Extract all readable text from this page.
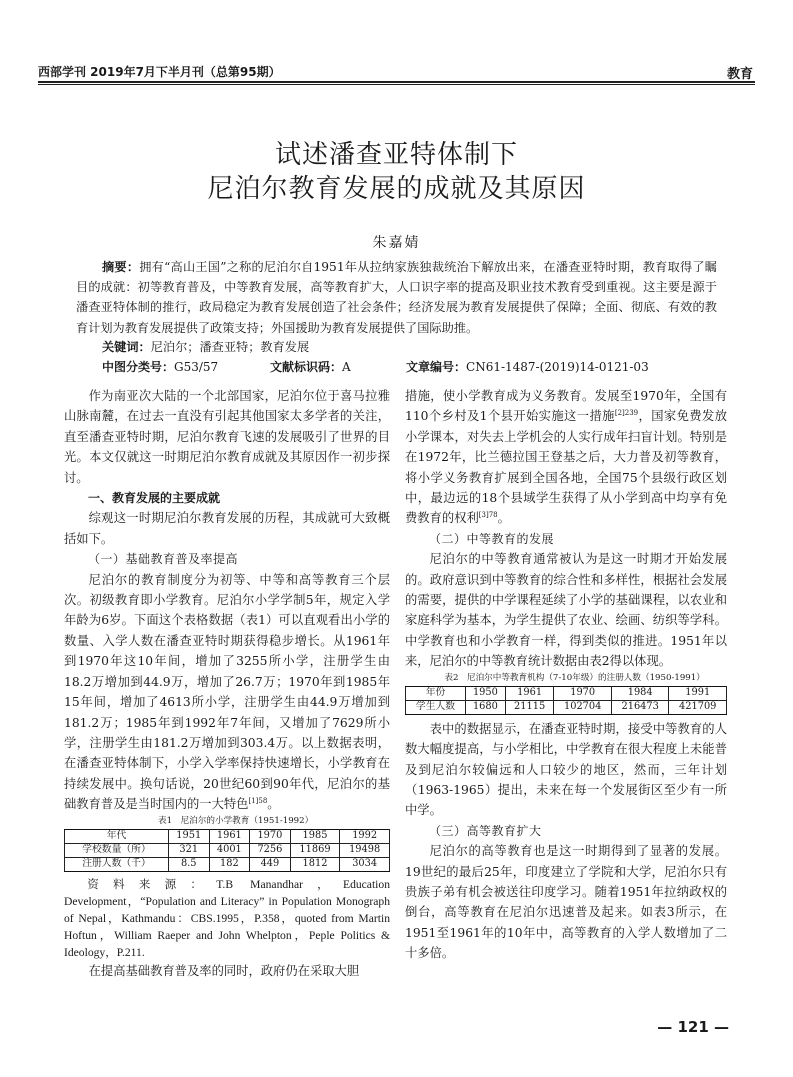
西部学刊 2019年7月下半月刊（总第95期）	教育
试述潘查亚特体制下
尼泊尔教育发展的成就及其原因
朱嘉婧
摘要：拥有“高山王国”之称的尼泊尔自1951年从拉纳家族独裁统治下解放出来，在潘查亚特时期，教育取得了瞩目的成就：初等教育普及，中等教育发展，高等教育扩大，人口识字率的提高及职业技术教育受到重视。这主要是源于潘查亚特体制的推行，政局稳定为教育发展创造了社会条件；经济发展为教育发展提供了保障；全面、彻底、有效的教育计划为教育发展提供了政策支持；外国援助为教育发展提供了国际助推。
关键词：尼泊尔；潘查亚特；教育发展
中图分类号：G53/57	文献标识码：A	文章编号：CN61-1487-(2019)14-0121-03

作为南亚次大陆的一个北部国家，尼泊尔位于喜马拉雅山脉南麓，在过去一直没有引起其他国家太多学者的关注，直至潘查亚特时期，尼泊尔教育飞速的发展吸引了世界的目光。本文仅就这一时期尼泊尔教育成就及其原因作一初步探讨。

一、教育发展的主要成就

综观这一时期尼泊尔教育发展的历程，其成就可大致概括如下。

（一）基础教育普及率提高

尼泊尔的教育制度分为初等、中等和高等教育三个层次。初级教育即小学教育。尼泊尔小学学制5年，规定入学年龄为6岁。下面这个表格数据（表1）可以直观看出小学的数量、入学人数在潘查亚特时期获得稳步增长。从1961年到1970年这10年间，增加了3255所小学，注册学生由18.2万增加到44.9万，增加了26.7万；1970年到1985年15年间，增加了4613所小学，注册学生由44.9万增加到181.2万；1985年到1992年7年间，又增加了7629所小学，注册学生由181.2万增加到303.4万。以上数据表明，在潘查亚特体制下，小学入学率保持快速增长，小学教育在持续发展中。换句话说，20世纪60到90年代，尼泊尔的基础教育普及是当时国内的一大特色$^{[1]58}$。

表1　尼泊尔的小学教育（1951-1992）

年代	1951	1961	1970	1985	1992
学校数量（所）	321	4001	7256	11869	19498
注册人数（千）	8.5	182	449	1812	3034

资料来源：T.B Manandhar，Education Development，“Population and Literacy” in Population Monograph of Nepal，Kathmandu：CBS.1995，P.358，quoted from Martin Hoftun，William Raeper and John Whelpton，Peple Politics & Ideology，P.211.

在提高基础教育普及率的同时，政府仍在采取大胆

措施，使小学教育成为义务教育。发展至1970年，全国有110个乡村及1个县开始实施这一措施$^{[2]239}$，国家免费发放小学课本，对失去上学机会的人实行成年扫盲计划。特别是在1972年，比兰德拉国王登基之后，大力普及初等教育，将小学义务教育扩展到全国各地，全国75个县级行政区划中，最边远的18个县域学生获得了从小学到高中均享有免费教育的权利$^{[3]78}$。

（二）中等教育的发展

尼泊尔的中等教育通常被认为是这一时期才开始发展的。政府意识到中等教育的综合性和多样性，根据社会发展的需要，提供的中学课程延续了小学的基础课程，以农业和家庭科学为基本，为学生提供了农业、绘画、纺织等学科。中学教育也和小学教育一样，得到类似的推进。1951年以来，尼泊尔的中等教育统计数据由表2得以体现。

表2　尼泊尔中等教育机构（7-10年级）的注册人数（1950-1991）

年份	1950	1961	1970	1984	1991
学生人数	1680	21115	102704	216473	421709

表中的数据显示，在潘查亚特时期，接受中等教育的人数大幅度提高，与小学相比，中学教育在很大程度上未能普及到尼泊尔较偏远和人口较少的地区，然而，三年计划（1963-1965）提出，未来在每一个发展街区至少有一所中学。

（三）高等教育扩大

尼泊尔的高等教育也是这一时期得到了显著的发展。19世纪的最后25年，印度建立了学院和大学，尼泊尔只有贵族子弟有机会被送往印度学习。随着1951年拉纳政权的倒台，高等教育在尼泊尔迅速普及起来。如表3所示，在1951至1961年的10年中，高等教育的入学人数增加了二十多倍。

— 121 —
